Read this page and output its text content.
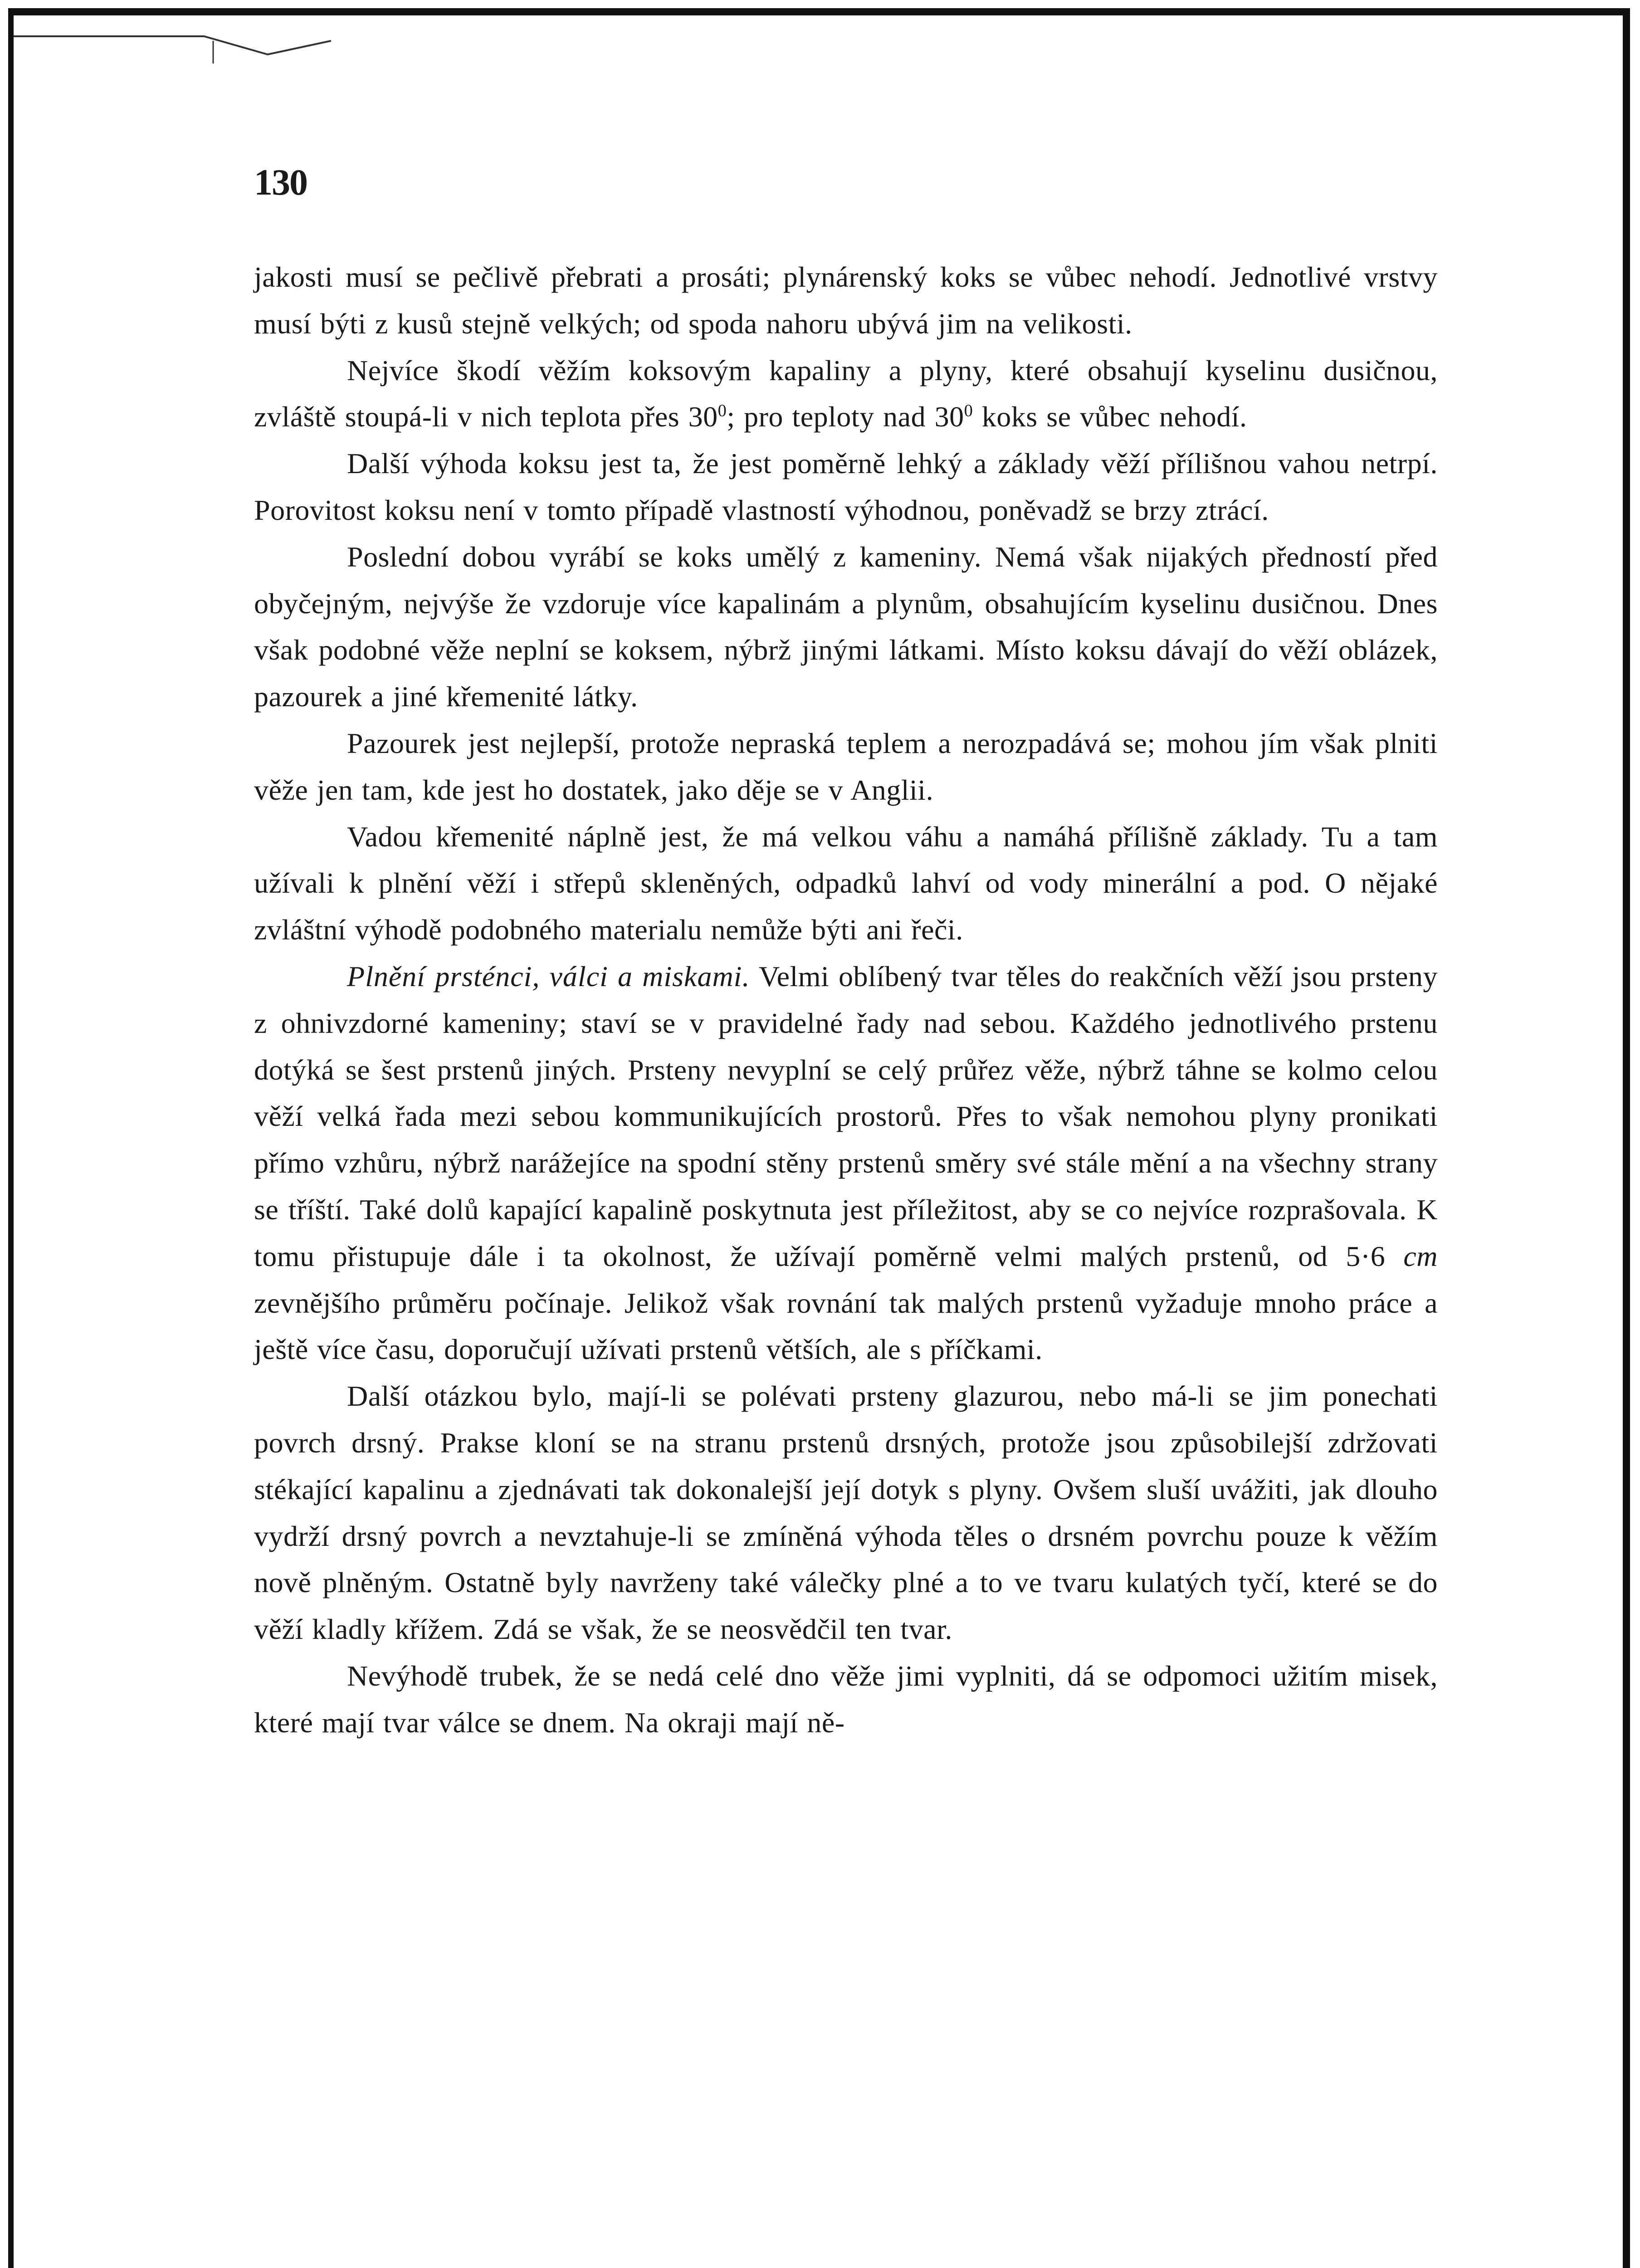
130

jakosti musí se pečlivě přebrati a prosáti; plynárenský koks se vůbec nehodí. Jednotlivé vrstvy musí býti z kusů stejně velkých; od spoda nahoru ubývá jim na velikosti.

Nejvíce škodí věžím koksovým kapaliny a plyny, které obsahují kyselinu dusičnou, zvláště stoupá-li v nich teplota přes $30^0$; pro teploty nad $30^0$ koks se vůbec nehodí.

Další výhoda koksu jest ta, že jest poměrně lehký a základy věží přílišnou vahou netrpí. Porovitost koksu není v tomto případě vlastností výhodnou, poněvadž se brzy ztrácí.

Poslední dobou vyrábí se koks umělý z kameniny. Nemá však nijakých předností před obyčejným, nejvýše že vzdoruje více kapalinám a plynům, obsahujícím kyselinu dusičnou. Dnes však podobné věže neplní se koksem, nýbrž jinými látkami. Místo koksu dávají do věží oblázek, pazourek a jiné křemenité látky.

Pazourek jest nejlepší, protože nepraská teplem a nerozpadává se; mohou jím však plniti věže jen tam, kde jest ho dostatek, jako děje se v Anglii.

Vadou křemenité náplně jest, že má velkou váhu a namáhá přílišně základy. Tu a tam užívali k plnění věží i střepů skleněných, odpadků lahví od vody minerální a pod. O nějaké zvláštní výhodě podobného materialu nemůže býti ani řeči.

Plnění prsténci, válci a miskami. Velmi oblíbený tvar těles do reakčních věží jsou prsteny z ohnivzdorné kameniny; staví se v pravidelné řady nad sebou. Každého jednotlivého prstenu dotýká se šest prstenů jiných. Prsteny nevyplní se celý průřez věže, nýbrž táhne se kolmo celou věží velká řada mezi sebou kommunikujících prostorů. Přes to však nemohou plyny pronikati přímo vzhůru, nýbrž narážejíce na spodní stěny prstenů směry své stále mění a na všechny strany se tříští. Také dolů kapající kapalině poskytnuta jest příležitost, aby se co nejvíce rozprašovala. K tomu přistupuje dále i ta okolnost, že užívají poměrně velmi malých prstenů, od 5·6 cm zevnějšího průměru počínaje. Jelikož však rovnání tak malých prstenů vyžaduje mnoho práce a ještě více času, doporučují užívati prstenů větších, ale s příčkami.

Další otázkou bylo, mají-li se polévati prsteny glazurou, nebo má-li se jim ponechati povrch drsný. Prakse kloní se na stranu prstenů drsných, protože jsou způsobilejší zdržovati stékající kapalinu a zjednávati tak dokonalejší její dotyk s plyny. Ovšem sluší uvážiti, jak dlouho vydrží drsný povrch a nevztahuje-li se zmíněná výhoda těles o drsném povrchu pouze k věžím nově plněným. Ostatně byly navrženy také válečky plné a to ve tvaru kulatých tyčí, které se do věží kladly křížem. Zdá se však, že se neosvědčil ten tvar.

Nevýhodě trubek, že se nedá celé dno věže jimi vyplniti, dá se odpomoci užitím misek, které mají tvar válce se dnem. Na okraji mají ně-
